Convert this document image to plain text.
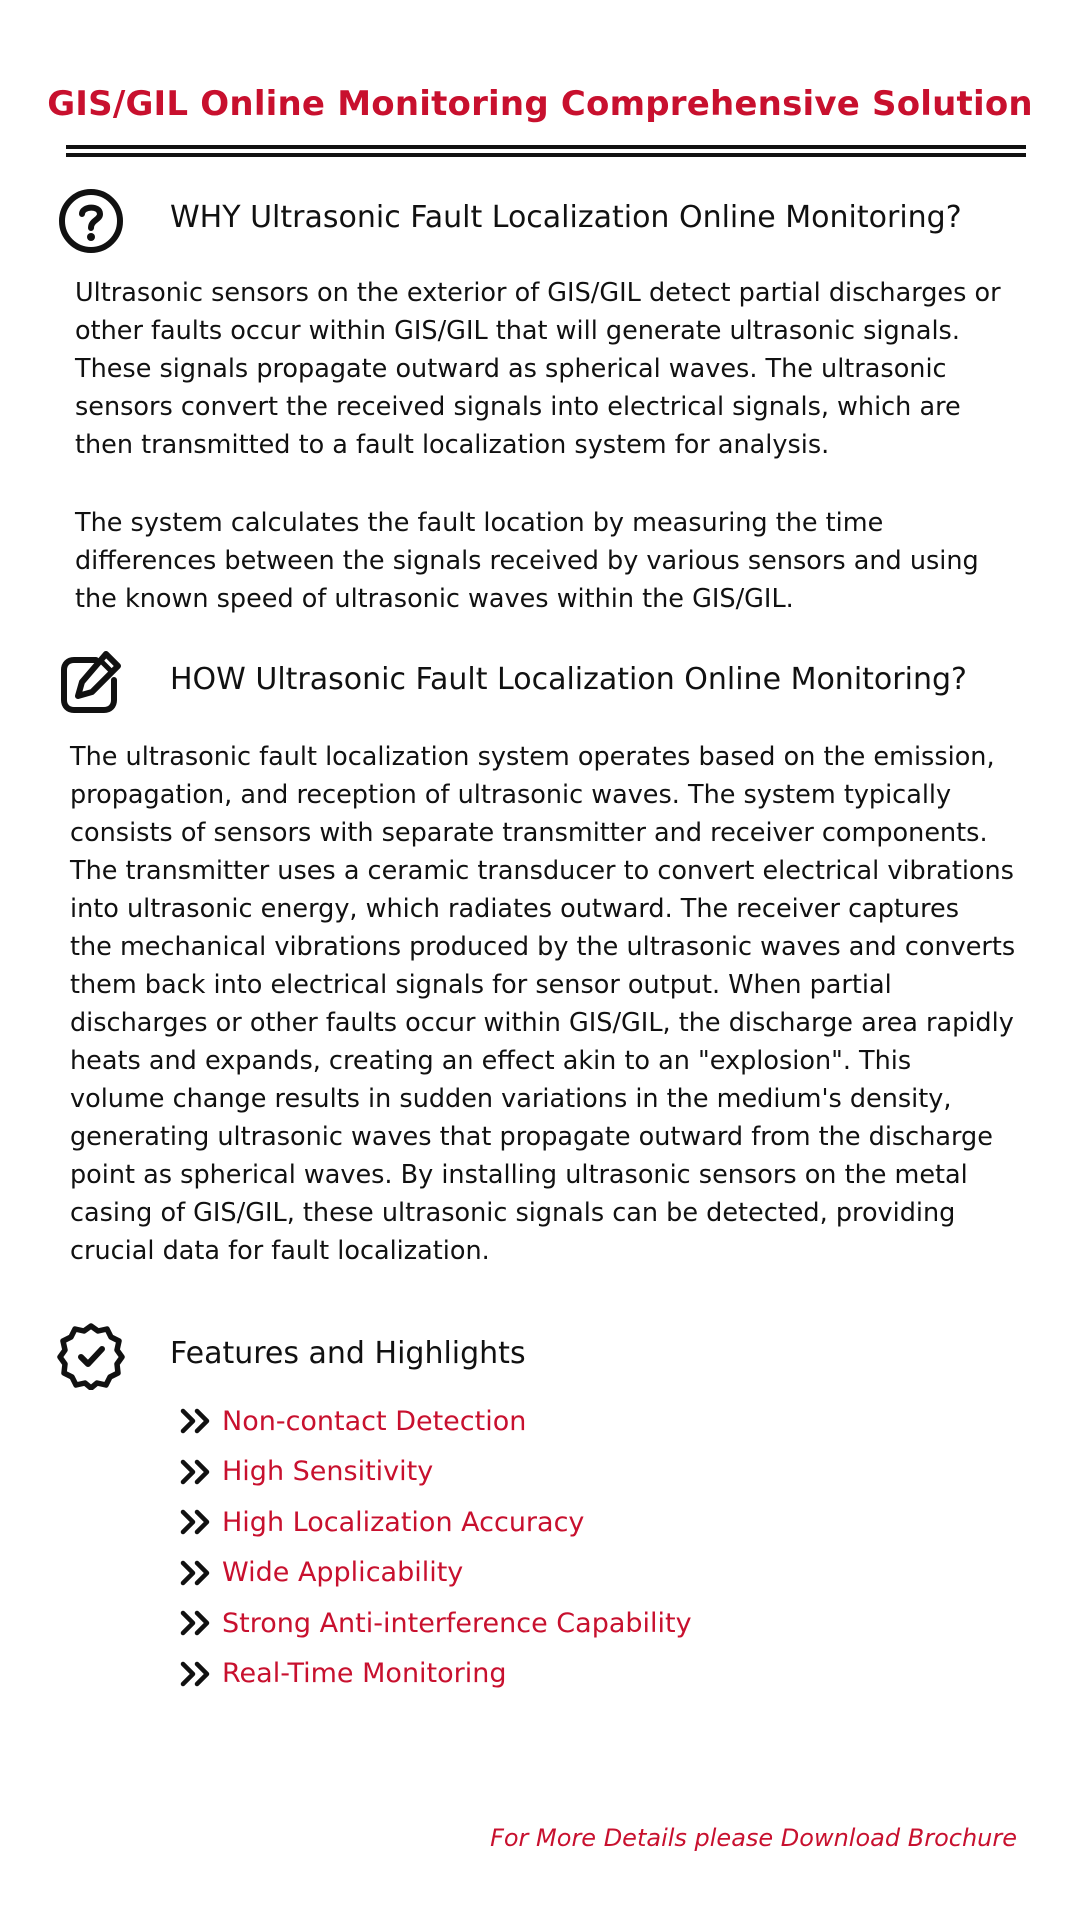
GIS/GIL Online Monitoring Comprehensive Solution
WHY Ultrasonic Fault Localization Online Monitoring?

Ultrasonic sensors on the exterior of GIS/GIL detect partial discharges or
other faults occur within GIS/GIL that will generate ultrasonic signals.
These signals propagate outward as spherical waves. The ultrasonic
sensors convert the received signals into electrical signals, which are
then transmitted to a fault localization system for analysis.

The system calculates the fault location by measuring the time
differences between the signals received by various sensors and using
the known speed of ultrasonic waves within the GIS/GIL.

HOW Ultrasonic Fault Localization Online Monitoring?

The ultrasonic fault localization system operates based on the emission,
propagation, and reception of ultrasonic waves. The system typically
consists of sensors with separate transmitter and receiver components.
The transmitter uses a ceramic transducer to convert electrical vibrations
into ultrasonic energy, which radiates outward. The receiver captures
the mechanical vibrations produced by the ultrasonic waves and converts
them back into electrical signals for sensor output. When partial
discharges or other faults occur within GIS/GIL, the discharge area rapidly
heats and expands, creating an effect akin to an "explosion". This
volume change results in sudden variations in the medium's density,
generating ultrasonic waves that propagate outward from the discharge
point as spherical waves. By installing ultrasonic sensors on the metal
casing of GIS/GIL, these ultrasonic signals can be detected, providing
crucial data for fault localization.

Features and Highlights
Non-contact Detection
High Sensitivity
High Localization Accuracy
Wide Applicability
Strong Anti-interference Capability
Real-Time Monitoring
For More Details please Download Brochure
